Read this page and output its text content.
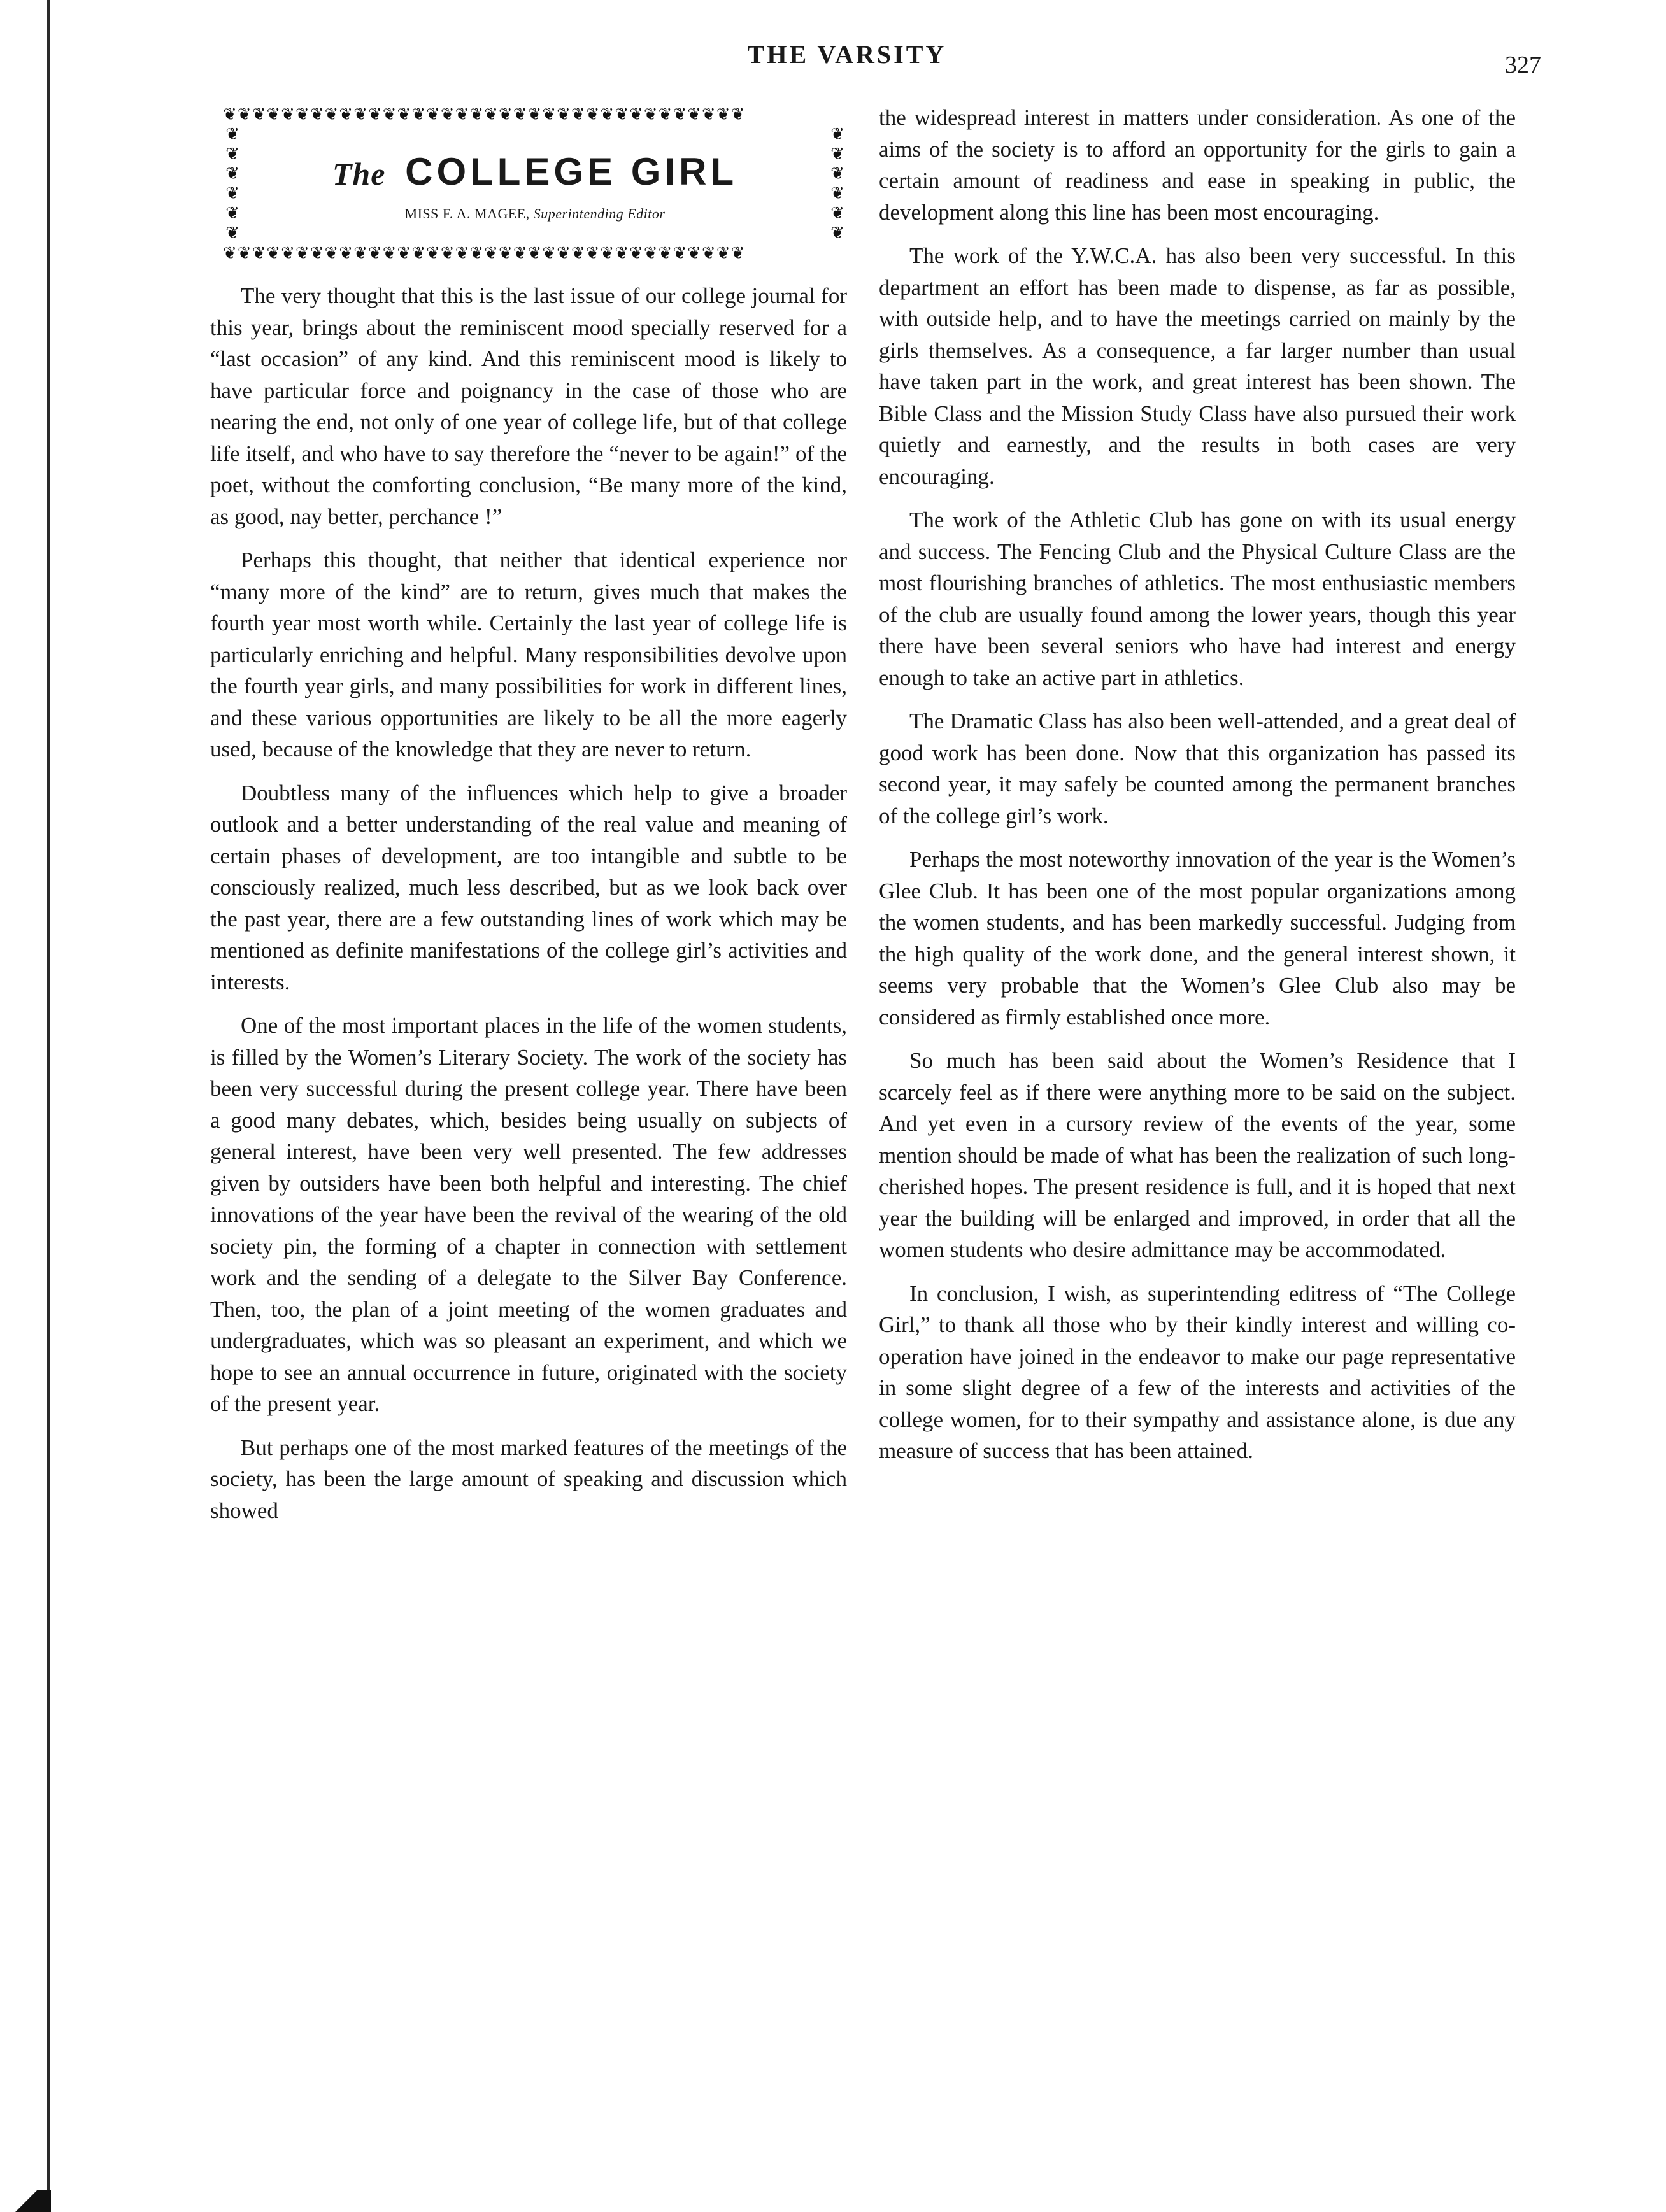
THE VARSITY	327
❦❦❦❦❦❦❦❦❦❦❦❦❦❦❦❦❦❦❦❦❦❦❦❦❦❦❦❦❦❦❦❦❦❦❦❦
❦❦❦❦❦❦❦❦❦❦❦❦❦❦❦❦❦❦❦❦❦❦❦❦❦❦❦❦❦❦❦❦❦❦❦❦
❦
❦
❦
❦
❦
❦
❦
❦
❦
❦
❦
❦
The COLLEGE GIRL
MISS F. A. MAGEE, Superintending Editor

The very thought that this is the last issue of our college journal for this year, brings about the reminiscent mood specially reserved for a “last occasion” of any kind. And this reminiscent mood is likely to have particular force and poignancy in the case of those who are nearing the end, not only of one year of college life, but of that college life itself, and who have to say therefore the “never to be again!” of the poet, without the comforting conclusion, “Be many more of the kind, as good, nay better, perchance !”

Perhaps this thought, that neither that identical experience nor “many more of the kind” are to return, gives much that makes the fourth year most worth while. Certainly the last year of college life is particularly enriching and helpful. Many responsibilities devolve upon the fourth year girls, and many possibilities for work in different lines, and these various opportunities are likely to be all the more eagerly used, because of the knowledge that they are never to return.

Doubtless many of the influences which help to give a broader outlook and a better understanding of the real value and meaning of certain phases of development, are too intangible and subtle to be consciously realized, much less described, but as we look back over the past year, there are a few outstanding lines of work which may be mentioned as definite manifestations of the college girl’s activities and interests.

One of the most important places in the life of the women students, is filled by the Women’s Literary Society. The work of the society has been very successful during the present college year. There have been a good many debates, which, besides being usually on subjects of general interest, have been very well presented. The few addresses given by outsiders have been both helpful and interesting. The chief innovations of the year have been the revival of the wearing of the old society pin, the forming of a chapter in connection with settlement work and the sending of a delegate to the Silver Bay Conference. Then, too, the plan of a joint meeting of the women graduates and undergraduates, which was so pleasant an experiment, and which we hope to see an annual occurrence in future, originated with the society of the present year.

But perhaps one of the most marked features of the meetings of the society, has been the large amount of speaking and discussion which showed

the widespread interest in matters under consideration. As one of the aims of the society is to afford an opportunity for the girls to gain a certain amount of readiness and ease in speaking in public, the development along this line has been most encouraging.

The work of the Y.W.C.A. has also been very successful. In this department an effort has been made to dispense, as far as possible, with outside help, and to have the meetings carried on mainly by the girls themselves. As a consequence, a far larger number than usual have taken part in the work, and great interest has been shown. The Bible Class and the Mission Study Class have also pursued their work quietly and earnestly, and the results in both cases are very encouraging.

The work of the Athletic Club has gone on with its usual energy and success. The Fencing Club and the Physical Culture Class are the most flourishing branches of athletics. The most enthusiastic members of the club are usually found among the lower years, though this year there have been several seniors who have had interest and energy enough to take an active part in athletics.

The Dramatic Class has also been well-attended, and a great deal of good work has been done. Now that this organization has passed its second year, it may safely be counted among the permanent branches of the college girl’s work.

Perhaps the most noteworthy innovation of the year is the Women’s Glee Club. It has been one of the most popular organizations among the women students, and has been markedly successful. Judging from the high quality of the work done, and the general interest shown, it seems very probable that the Women’s Glee Club also may be considered as firmly established once more.

So much has been said about the Women’s Residence that I scarcely feel as if there were anything more to be said on the subject. And yet even in a cursory review of the events of the year, some mention should be made of what has been the realization of such long-cherished hopes. The present residence is full, and it is hoped that next year the building will be enlarged and improved, in order that all the women students who desire admittance may be accommodated.

In conclusion, I wish, as superintending editress of “The College Girl,” to thank all those who by their kindly interest and willing co-operation have joined in the endeavor to make our page representative in some slight degree of a few of the interests and activities of the college women, for to their sympathy and assistance alone, is due any measure of success that has been attained.
